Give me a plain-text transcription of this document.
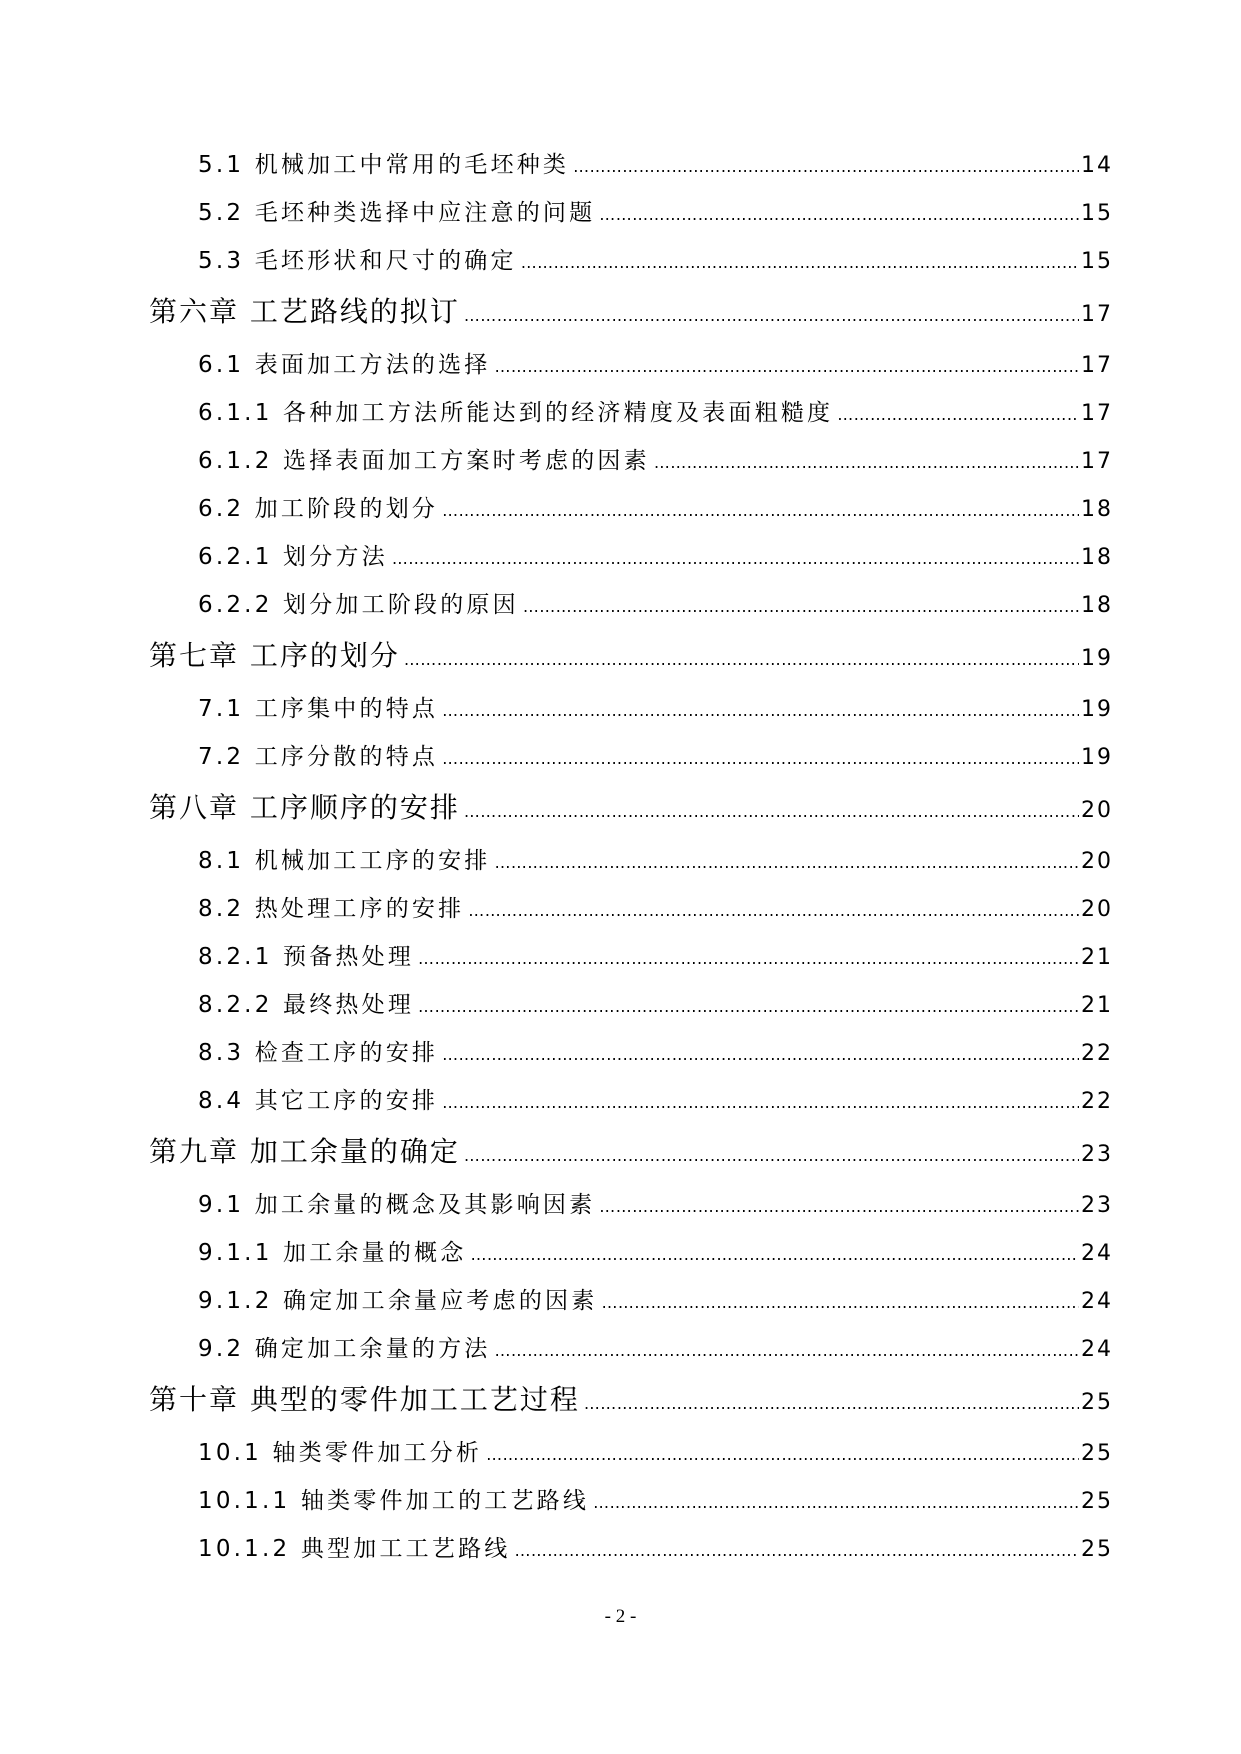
5.1 机械加工中常用的毛坯种类 ……………………………………………………………………………………………………………………………………………………………………………………	14
5.2 毛坯种类选择中应注意的问题 ……………………………………………………………………………………………………………………………………………………………………………………	15
5.3 毛坯形状和尺寸的确定 ……………………………………………………………………………………………………………………………………………………………………………………	15
第六章 工艺路线的拟订 ……………………………………………………………………………………………………………………………………………………………………………………	17
6.1 表面加工方法的选择 ……………………………………………………………………………………………………………………………………………………………………………………	17
6.1.1 各种加工方法所能达到的经济精度及表面粗糙度 ……………………………………………………………………………………………………………………………………………………………………………………	17
6.1.2 选择表面加工方案时考虑的因素 ……………………………………………………………………………………………………………………………………………………………………………………	17
6.2 加工阶段的划分 ……………………………………………………………………………………………………………………………………………………………………………………	18
6.2.1 划分方法 ……………………………………………………………………………………………………………………………………………………………………………………	18
6.2.2 划分加工阶段的原因 ……………………………………………………………………………………………………………………………………………………………………………………	18
第七章 工序的划分 ……………………………………………………………………………………………………………………………………………………………………………………	19
7.1 工序集中的特点 ……………………………………………………………………………………………………………………………………………………………………………………	19
7.2 工序分散的特点 ……………………………………………………………………………………………………………………………………………………………………………………	19
第八章 工序顺序的安排 ……………………………………………………………………………………………………………………………………………………………………………………	20
8.1 机械加工工序的安排 ……………………………………………………………………………………………………………………………………………………………………………………	20
8.2 热处理工序的安排 ……………………………………………………………………………………………………………………………………………………………………………………	20
8.2.1 预备热处理 ……………………………………………………………………………………………………………………………………………………………………………………	21
8.2.2 最终热处理 ……………………………………………………………………………………………………………………………………………………………………………………	21
8.3 检查工序的安排 ……………………………………………………………………………………………………………………………………………………………………………………	22
8.4 其它工序的安排 ……………………………………………………………………………………………………………………………………………………………………………………	22
第九章 加工余量的确定 ……………………………………………………………………………………………………………………………………………………………………………………	23
9.1 加工余量的概念及其影响因素 ……………………………………………………………………………………………………………………………………………………………………………………	23
9.1.1 加工余量的概念 ……………………………………………………………………………………………………………………………………………………………………………………	24
9.1.2 确定加工余量应考虑的因素 ……………………………………………………………………………………………………………………………………………………………………………………	24
9.2 确定加工余量的方法 ……………………………………………………………………………………………………………………………………………………………………………………	24
第十章 典型的零件加工工艺过程 ……………………………………………………………………………………………………………………………………………………………………………………	25
10.1 轴类零件加工分析 ……………………………………………………………………………………………………………………………………………………………………………………	25
10.1.1 轴类零件加工的工艺路线 ……………………………………………………………………………………………………………………………………………………………………………………	25
10.1.2 典型加工工艺路线 ……………………………………………………………………………………………………………………………………………………………………………………	25
- 2 -
